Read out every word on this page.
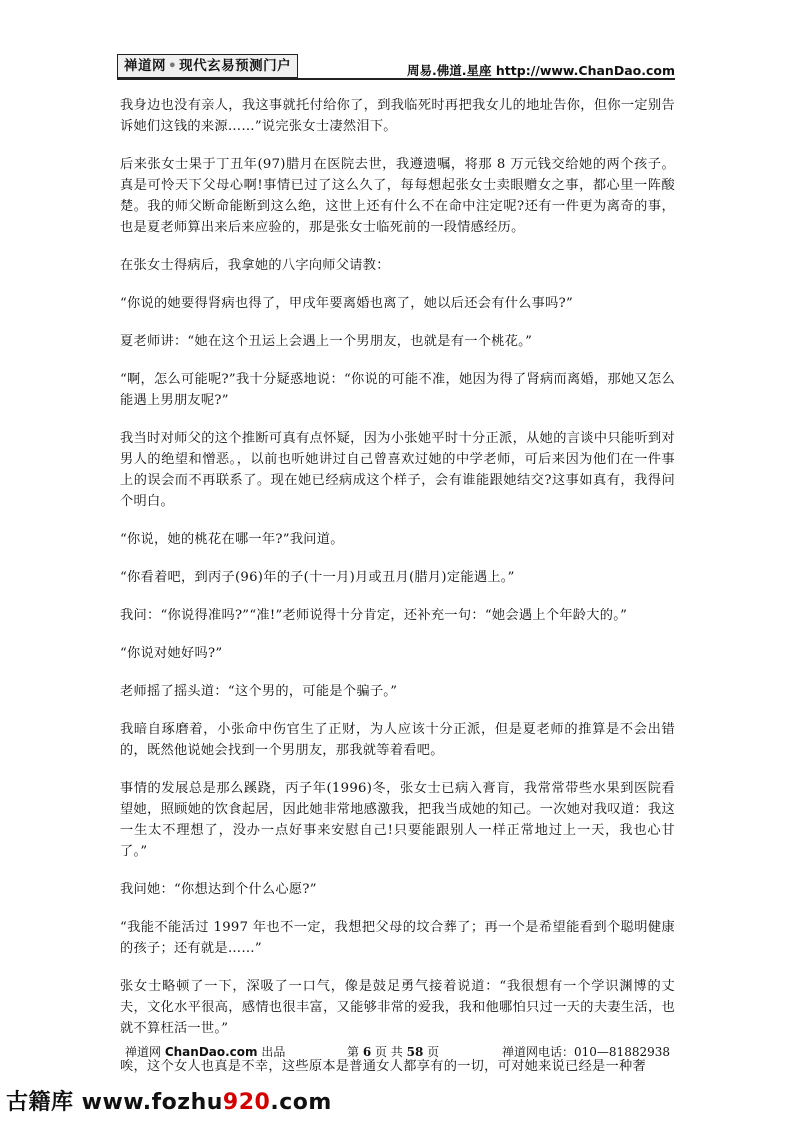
禅道网 • 现代玄易预测门户	周易.佛道.星座 http://www.ChanDao.com

我身边也没有亲人，我这事就托付给你了，到我临死时再把我女儿的地址告你，但你一定别告诉她们这钱的来源……”说完张女士凄然泪下。

后来张女士果于丁丑年(97)腊月在医院去世，我遵遗嘱，将那 8 万元钱交给她的两个孩子。真是可怜天下父母心啊!事情已过了这么久了，每每想起张女士卖眼赠女之事，都心里一阵酸楚。我的师父断命能断到这么绝，这世上还有什么不在命中注定呢?还有一件更为离奇的事，也是夏老师算出来后来应验的，那是张女士临死前的一段情感经历。

在张女士得病后，我拿她的八字向师父请教：

“你说的她要得肾病也得了，甲戌年要离婚也离了，她以后还会有什么事吗?”

夏老师讲：“她在这个丑运上会遇上一个男朋友，也就是有一个桃花。”

“啊，怎么可能呢?”我十分疑惑地说：“你说的可能不准，她因为得了肾病而离婚，那她又怎么能遇上男朋友呢?”

我当时对师父的这个推断可真有点怀疑，因为小张她平时十分正派，从她的言谈中只能听到对男人的绝望和憎恶。，以前也听她讲过自己曾喜欢过她的中学老师，可后来因为他们在一件事上的误会而不再联系了。现在她已经病成这个样子，会有谁能跟她结交?这事如真有，我得问个明白。

“你说，她的桃花在哪一年?”我问道。

“你看着吧，到丙子(96)年的子(十一月)月或丑月(腊月)定能遇上。”

我问：“你说得准吗?”“准!”老师说得十分肯定，还补充一句：“她会遇上个年龄大的。”

“你说对她好吗?”

老师摇了摇头道：“这个男的，可能是个骗子。”

我暗自琢磨着，小张命中伤官生了正财，为人应该十分正派，但是夏老师的推算是不会出错的，既然他说她会找到一个男朋友，那我就等着看吧。

事情的发展总是那么蹊跷，丙子年(1996)冬，张女士已病入膏肓，我常常带些水果到医院看望她，照顾她的饮食起居，因此她非常地感激我，把我当成她的知己。一次她对我叹道：我这一生太不理想了，没办一点好事来安慰自己!只要能跟别人一样正常地过上一天，我也心甘了。”

我问她：“你想达到个什么心愿?”

“我能不能活过 1997 年也不一定，我想把父母的坟合葬了；再一个是希望能看到个聪明健康的孩子；还有就是……”

张女士略顿了一下，深吸了一口气，像是鼓足勇气接着说道：“我很想有一个学识渊博的丈夫，文化水平很高，感情也很丰富，又能够非常的爱我，我和他哪怕只过一天的夫妻生活，也就不算枉活一世。”

唉，这个女人也真是不幸，这些原本是普通女人都享有的一切，可对她来说已经是一种奢

禅道网 ChanDao.com 出品	第 6 页 共 58 页	禅道网电话：010—81882938
古籍库 www.fozhu920.com
